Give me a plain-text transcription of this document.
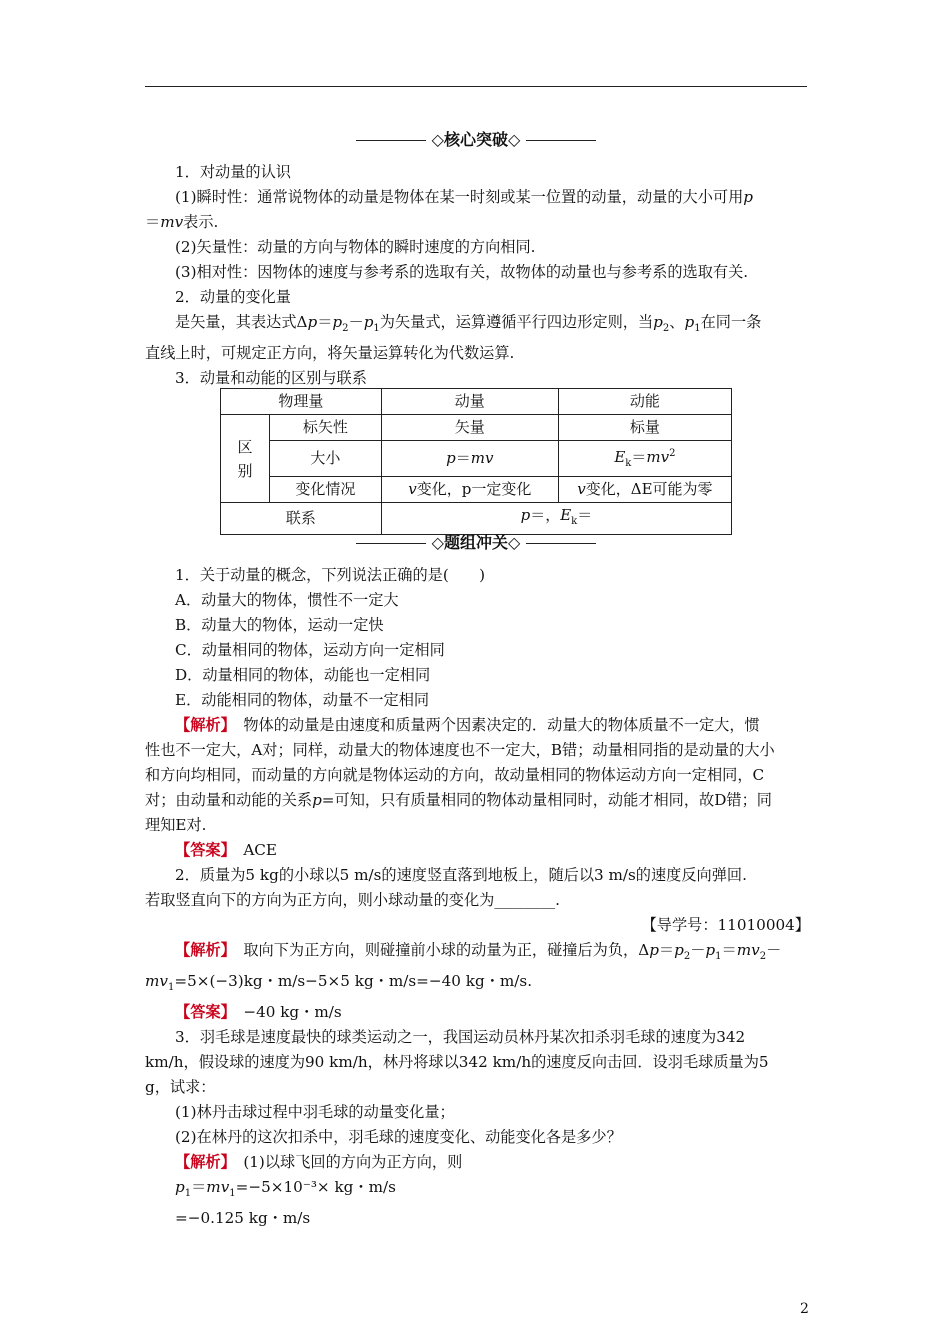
◇核心突破◇

1．对动量的认识

(1)瞬时性：通常说物体的动量是物体在某一时刻或某一位置的动量，动量的大小可用p

＝mv表示.

(2)矢量性：动量的方向与物体的瞬时速度的方向相同.

(3)相对性：因物体的速度与参考系的选取有关，故物体的动量也与参考系的选取有关.

2．动量的变化量

是矢量，其表达式$\Delta p=p_2-p_1$为矢量式，运算遵循平行四边形定则，当$p_2$、$p_1$在同一条

直线上时，可规定正方向，将矢量运算转化为代数运算.

3．动量和动能的区别与联系

物理量		动量	动能
区
别	标矢性	矢量	标量
	大小	p＝mv	$E_k=mv^2$
	变化情况	v变化，p一定变化	v变化，ΔE可能为零
联系		p＝，$E_k=$	
◇题组冲关◇

1．关于动量的概念，下列说法正确的是(　　)

A．动量大的物体，惯性不一定大

B．动量大的物体，运动一定快

C．动量相同的物体，运动方向一定相同

D．动量相同的物体，动能也一定相同

E．动能相同的物体，动量不一定相同

【解析】　 物体的动量是由速度和质量两个因素决定的．动量大的物体质量不一定大，惯

性也不一定大，A对；同样，动量大的物体速度也不一定大，B错；动量相同指的是动量的大小

和方向均相同，而动量的方向就是物体运动的方向，故动量相同的物体运动方向一定相同，C

对；由动量和动能的关系p=可知，只有质量相同的物体动量相同时，动能才相同，故D错；同

理知E对.

【答案】　 ACE

2．质量为5 kg的小球以5 m/s的速度竖直落到地板上，随后以3 m/s的速度反向弹回.

若取竖直向下的方向为正方向，则小球动量的变化为________.

【导学号：11010004】

【解析】　 取向下为正方向，则碰撞前小球的动量为正，碰撞后为负，$\Delta p=p_2-p_1=mv_2-$

$mv_1=5\times(-3)kg$・m/s−5×5 kg・m/s=−40 kg・m/s.

【答案】　 −40 kg・m/s

3．羽毛球是速度最快的球类运动之一，我国运动员林丹某次扣杀羽毛球的速度为342

km/h，假设球的速度为90 km/h，林丹将球以342 km/h的速度反向击回．设羽毛球质量为5

g，试求：

(1)林丹击球过程中羽毛球的动量变化量；

(2)在林丹的这次扣杀中，羽毛球的速度变化、动能变化各是多少？

【解析】　 (1)以球飞回的方向为正方向，则

$p_1=mv_1=-5\times 10^{-3}\times$ kg・m/s

=−0.125 kg・m/s

2
